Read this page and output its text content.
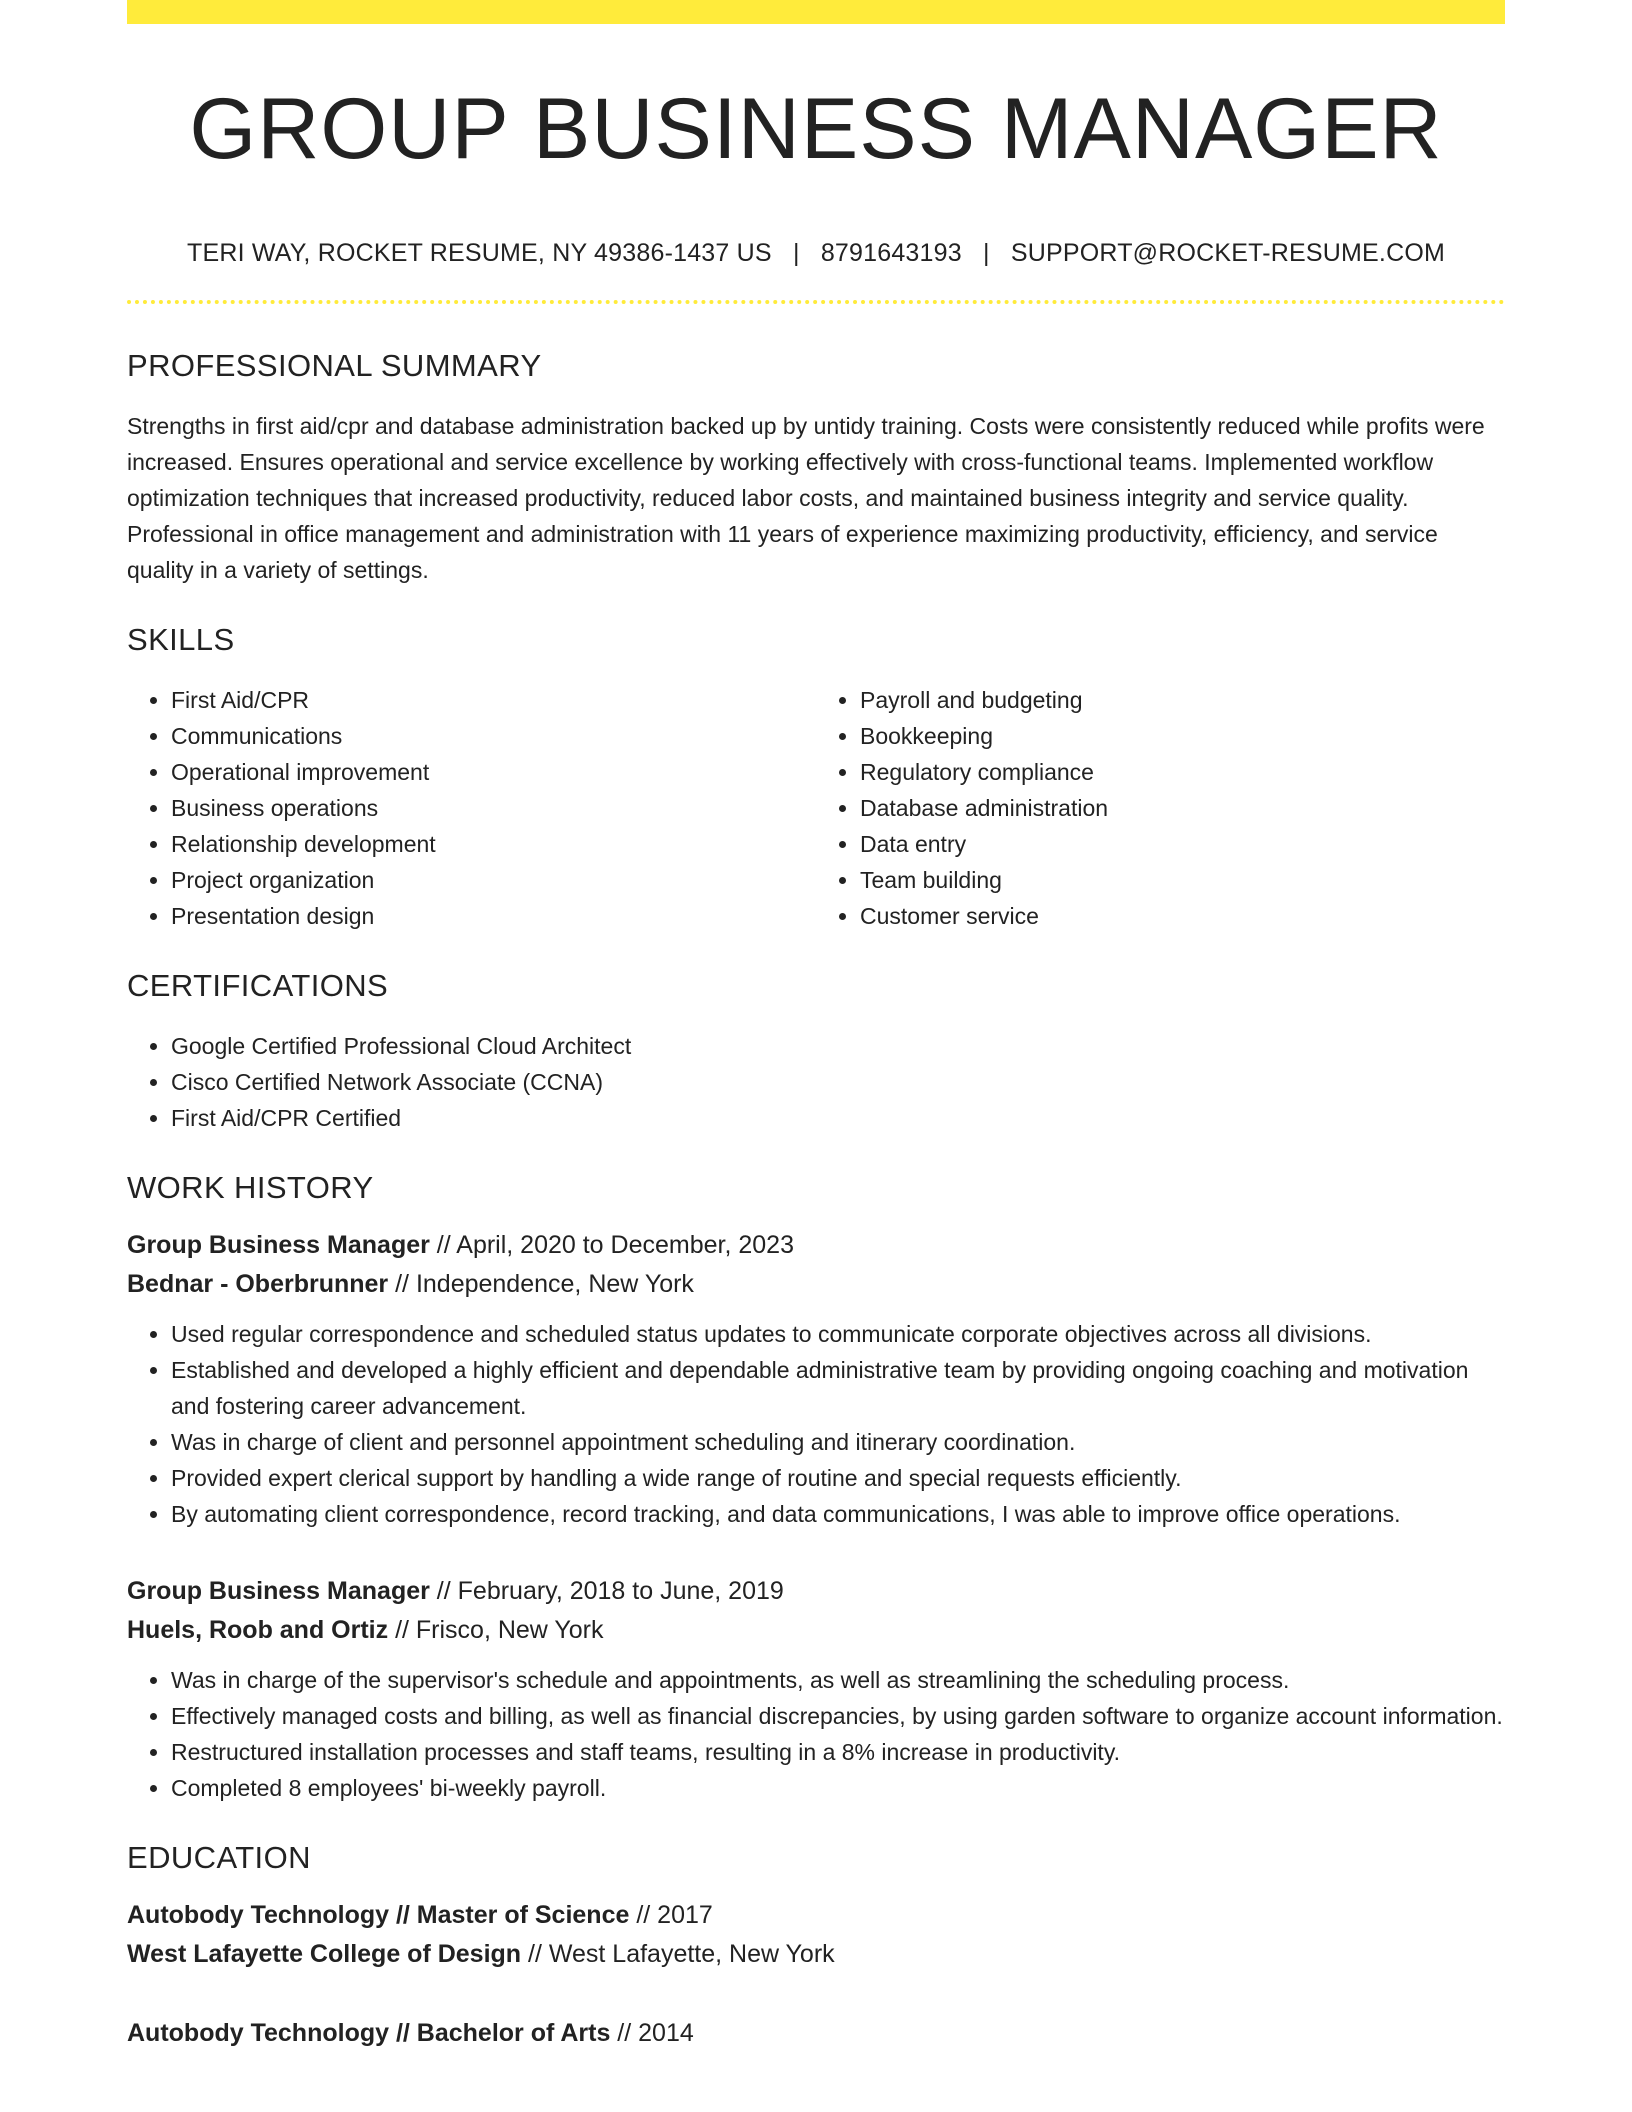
GROUP BUSINESS MANAGER
TERI WAY, ROCKET RESUME, NY 49386-1437 US | 8791643193 | SUPPORT@ROCKET-RESUME.COM
PROFESSIONAL SUMMARY

Strengths in first aid/cpr and database administration backed up by untidy training. Costs were consistently reduced while profits were increased. Ensures operational and service excellence by working effectively with cross-functional teams. Implemented workflow optimization techniques that increased productivity, reduced labor costs, and maintained business integrity and service quality. Professional in office management and administration with 11 years of experience maximizing productivity, efficiency, and service quality in a variety of settings.

SKILLS
• First Aid/CPR
• Communications
• Operational improvement
• Business operations
• Relationship development
• Project organization
• Presentation design
• Payroll and budgeting
• Bookkeeping
• Regulatory compliance
• Database administration
• Data entry
• Team building
• Customer service
CERTIFICATIONS
• Google Certified Professional Cloud Architect
• Cisco Certified Network Associate (CCNA)
• First Aid/CPR Certified
WORK HISTORY
Group Business Manager // April, 2020 to December, 2023
Bednar - Oberbrunner // Independence, New York
• Used regular correspondence and scheduled status updates to communicate corporate objectives across all divisions.
• Established and developed a highly efficient and dependable administrative team by providing ongoing coaching and motivation and fostering career advancement.
• Was in charge of client and personnel appointment scheduling and itinerary coordination.
• Provided expert clerical support by handling a wide range of routine and special requests efficiently.
• By automating client correspondence, record tracking, and data communications, I was able to improve office operations.
Group Business Manager // February, 2018 to June, 2019
Huels, Roob and Ortiz // Frisco, New York
• Was in charge of the supervisor's schedule and appointments, as well as streamlining the scheduling process.
• Effectively managed costs and billing, as well as financial discrepancies, by using garden software to organize account information.
• Restructured installation processes and staff teams, resulting in a 8% increase in productivity.
• Completed 8 employees' bi-weekly payroll.
EDUCATION
Autobody Technology // Master of Science // 2017
West Lafayette College of Design // West Lafayette, New York
Autobody Technology // Bachelor of Arts // 2014
